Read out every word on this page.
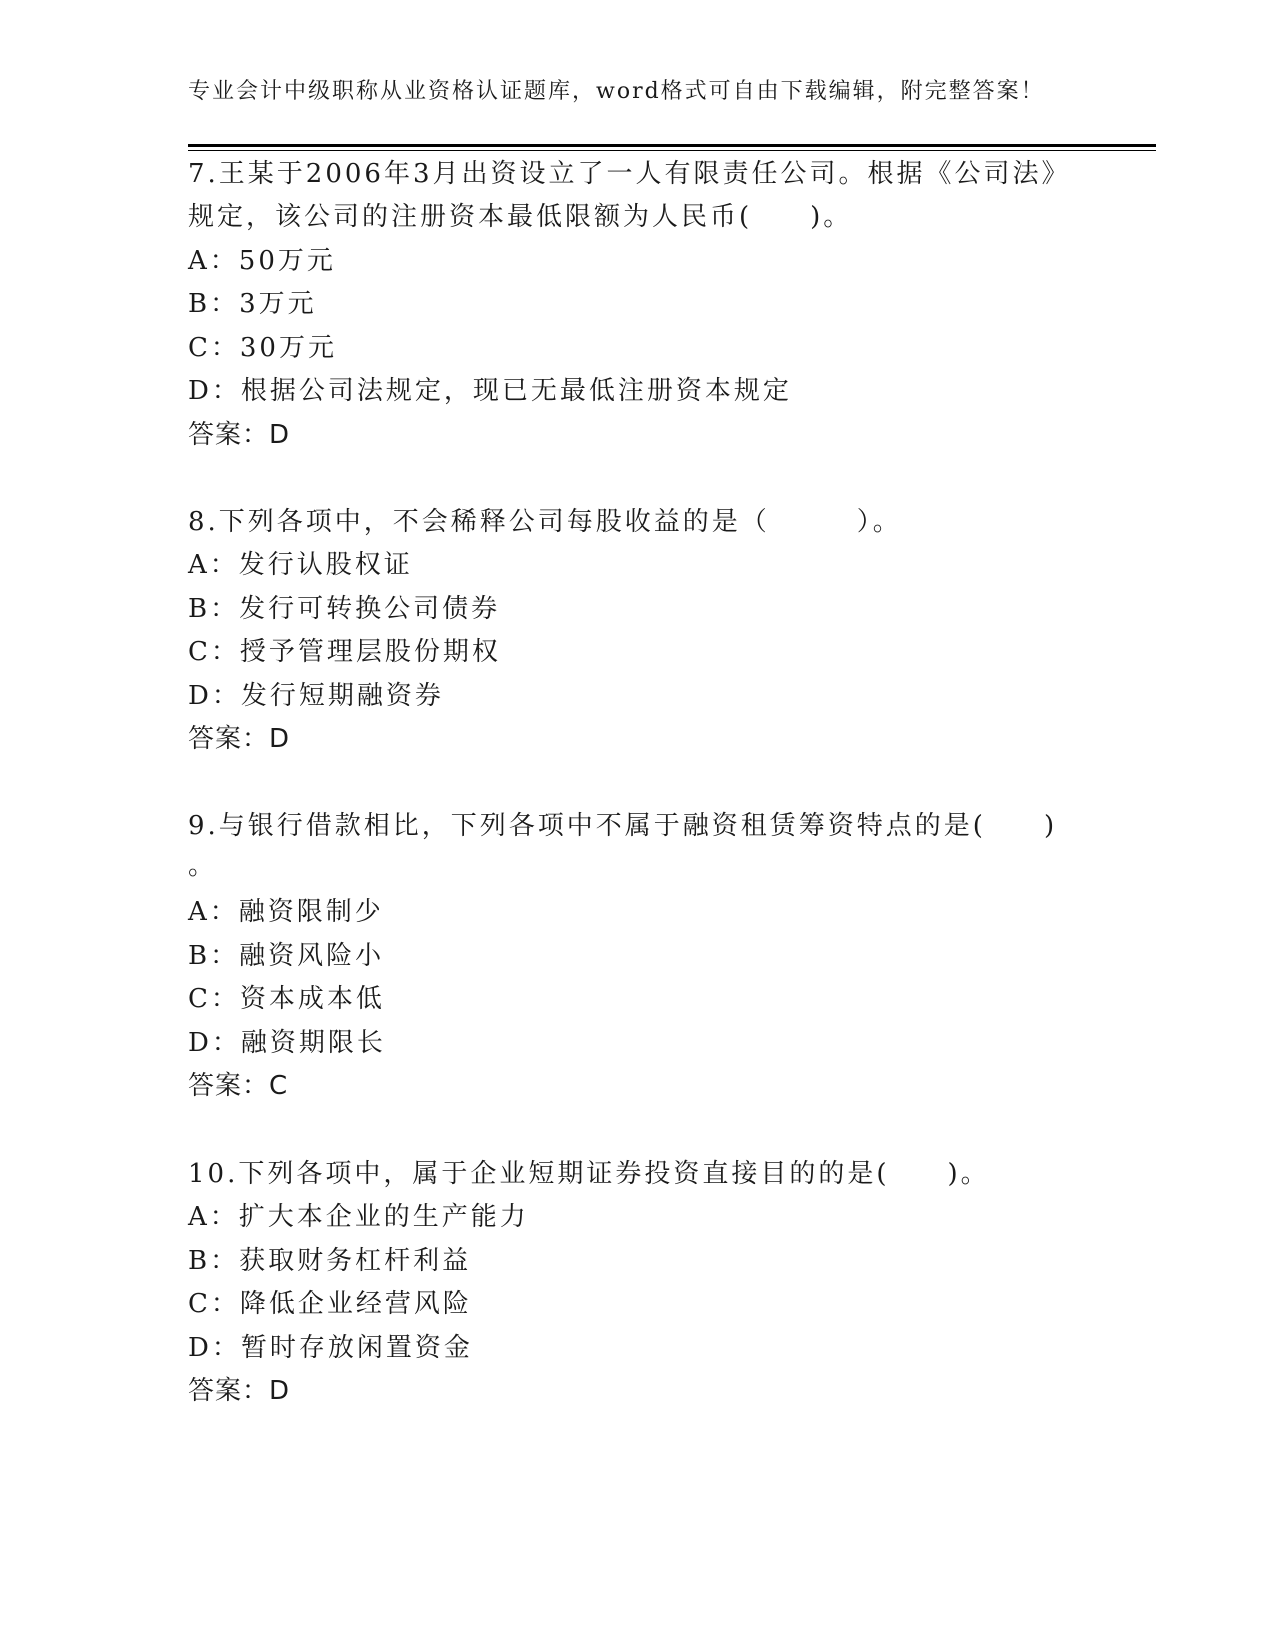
专业会计中级职称从业资格认证题库，word格式可自由下载编辑，附完整答案！
7.王某于2006年3月出资设立了一人有限责任公司。根据《公司法》
规定，该公司的注册资本最低限额为人民币(　　)。
A：50万元
B：3万元
C：30万元
D：根据公司法规定，现已无最低注册资本规定
答案：D
8.下列各项中，不会稀释公司每股收益的是（　　　）。
A：发行认股权证
B：发行可转换公司债券
C：授予管理层股份期权
D：发行短期融资券
答案：D
9.与银行借款相比，下列各项中不属于融资租赁筹资特点的是(　　)
。
A：融资限制少
B：融资风险小
C：资本成本低
D：融资期限长
答案：C
10.下列各项中，属于企业短期证券投资直接目的的是(　　)。
A：扩大本企业的生产能力
B：获取财务杠杆利益
C：降低企业经营风险
D：暂时存放闲置资金
答案：D
